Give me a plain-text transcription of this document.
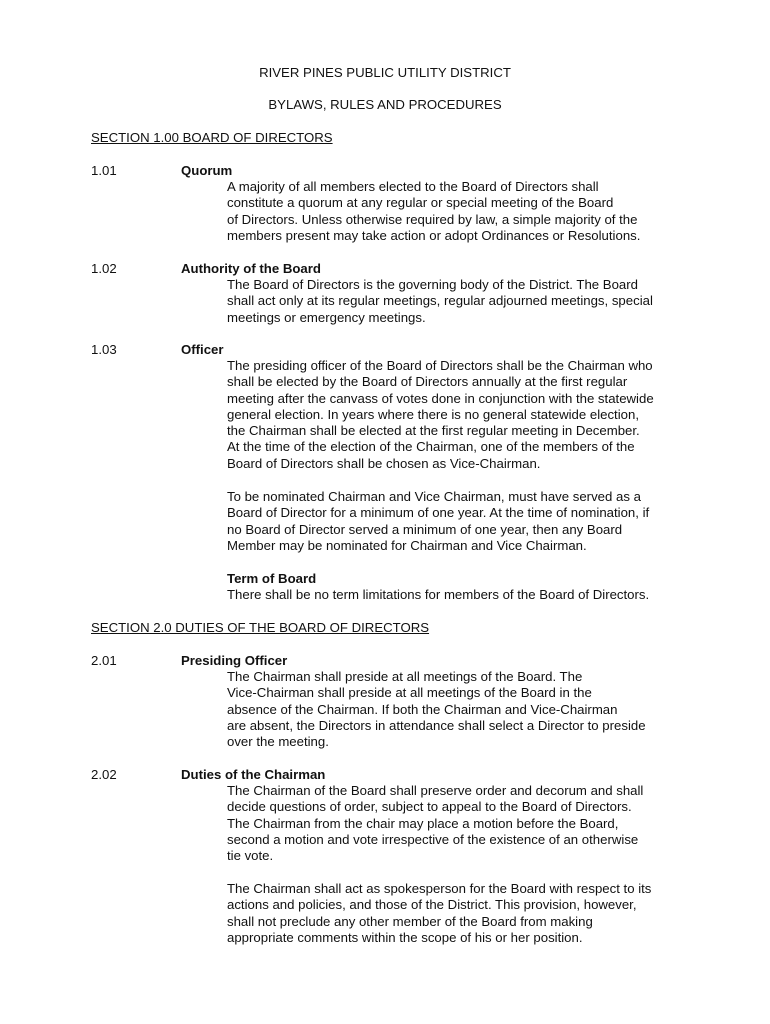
RIVER PINES PUBLIC UTILITY DISTRICT
BYLAWS, RULES AND PROCEDURES
SECTION 1.00 BOARD OF DIRECTORS
1.01	Quorum

A majority of all members elected to the Board of Directors shall
constitute a quorum at any regular or special meeting of the Board
of Directors. Unless otherwise required by law, a simple majority of the
members present may take action or adopt Ordinances or Resolutions.

1.02	Authority of the Board

The Board of Directors is the governing body of the District. The Board
shall act only at its regular meetings, regular adjourned meetings, special
meetings or emergency meetings.

1.03	Officer

The presiding officer of the Board of Directors shall be the Chairman who
shall be elected by the Board of Directors annually at the first regular
meeting after the canvass of votes done in conjunction with the statewide
general election. In years where there is no general statewide election,
the Chairman shall be elected at the first regular meeting in December.
At the time of the election of the Chairman, one of the members of the
Board of Directors shall be chosen as Vice-Chairman.

To be nominated Chairman and Vice Chairman, must have served as a
Board of Director for a minimum of one year. At the time of nomination, if
no Board of Director served a minimum of one year, then any Board
Member may be nominated for Chairman and Vice Chairman.

Term of Board

There shall be no term limitations for members of the Board of Directors.

SECTION 2.0 DUTIES OF THE BOARD OF DIRECTORS
2.01	Presiding Officer

The Chairman shall preside at all meetings of the Board. The
Vice-Chairman shall preside at all meetings of the Board in the
absence of the Chairman. If both the Chairman and Vice-Chairman
are absent, the Directors in attendance shall select a Director to preside
over the meeting.

2.02	Duties of the Chairman

The Chairman of the Board shall preserve order and decorum and shall
decide questions of order, subject to appeal to the Board of Directors.
The Chairman from the chair may place a motion before the Board,
second a motion and vote irrespective of the existence of an otherwise
tie vote.

The Chairman shall act as spokesperson for the Board with respect to its
actions and policies, and those of the District. This provision, however,
shall not preclude any other member of the Board from making
appropriate comments within the scope of his or her position.
